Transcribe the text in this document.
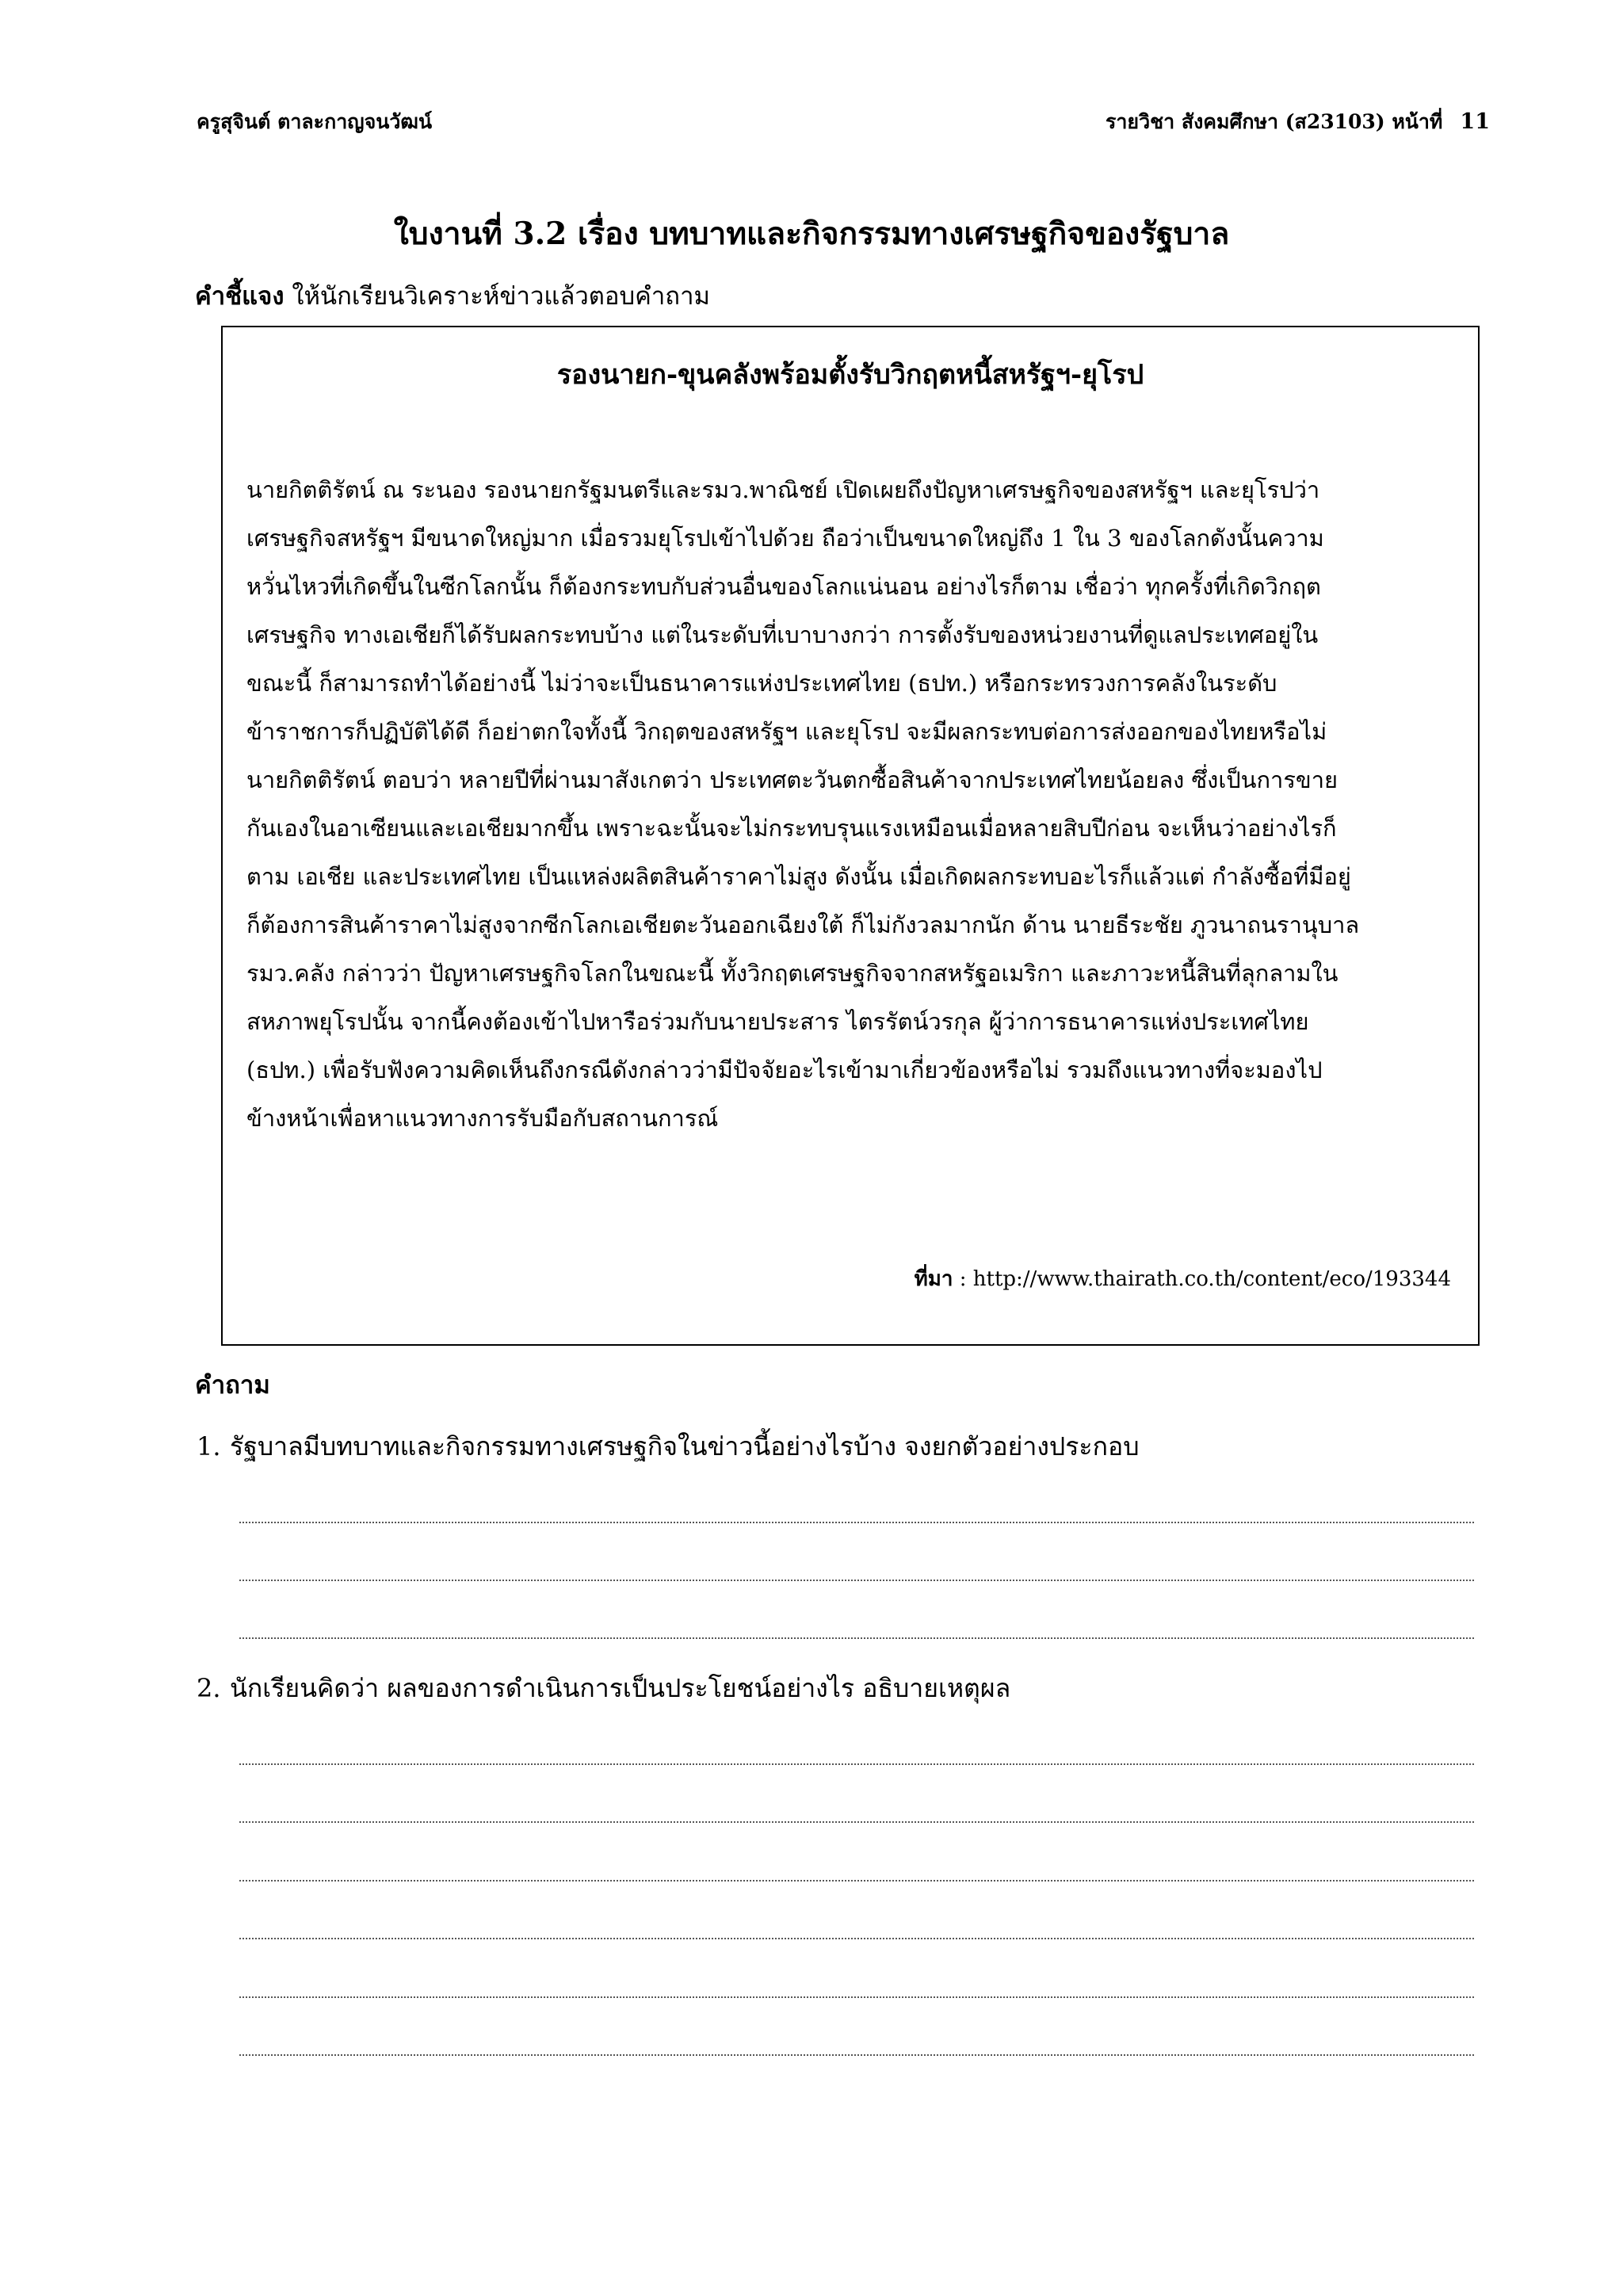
ครูสุจินต์ ตาละกาญจนวัฒน์	รายวิชา สังคมศึกษา (ส23103) หน้าที่ 11
ใบงานที่ 3.2 เรื่อง บทบาทและกิจกรรมทางเศรษฐกิจของรัฐบาล
คำชี้แจง ให้นักเรียนวิเคราะห์ข่าวแล้วตอบคำถาม
รองนายก-ขุนคลังพร้อมตั้งรับวิกฤตหนี้สหรัฐฯ-ยุโรป
นายกิตติรัตน์ ณ ระนอง รองนายกรัฐมนตรีและรมว.พาณิชย์ เปิดเผยถึงปัญหาเศรษฐกิจของสหรัฐฯ และยุโรปว่า
เศรษฐกิจสหรัฐฯ มีขนาดใหญ่มาก เมื่อรวมยุโรปเข้าไปด้วย ถือว่าเป็นขนาดใหญ่ถึง 1 ใน 3 ของโลกดังนั้นความ
หวั่นไหวที่เกิดขึ้นในซีกโลกนั้น ก็ต้องกระทบกับส่วนอื่นของโลกแน่นอน อย่างไรก็ตาม เชื่อว่า ทุกครั้งที่เกิดวิกฤต
เศรษฐกิจ ทางเอเชียก็ได้รับผลกระทบบ้าง แต่ในระดับที่เบาบางกว่า การตั้งรับของหน่วยงานที่ดูแลประเทศอยู่ใน
ขณะนี้ ก็สามารถทำได้อย่างนี้ ไม่ว่าจะเป็นธนาคารแห่งประเทศไทย (ธปท.) หรือกระทรวงการคลังในระดับ
ข้าราชการก็ปฏิบัติได้ดี ก็อย่าตกใจทั้งนี้ วิกฤตของสหรัฐฯ และยุโรป จะมีผลกระทบต่อการส่งออกของไทยหรือไม่
นายกิตติรัตน์ ตอบว่า หลายปีที่ผ่านมาสังเกตว่า ประเทศตะวันตกซื้อสินค้าจากประเทศไทยน้อยลง ซึ่งเป็นการขาย
กันเองในอาเซียนและเอเชียมากขึ้น เพราะฉะนั้นจะไม่กระทบรุนแรงเหมือนเมื่อหลายสิบปีก่อน จะเห็นว่าอย่างไรก็
ตาม เอเชีย และประเทศไทย เป็นแหล่งผลิตสินค้าราคาไม่สูง ดังนั้น เมื่อเกิดผลกระทบอะไรก็แล้วแต่ กำลังซื้อที่มีอยู่
ก็ต้องการสินค้าราคาไม่สูงจากซีกโลกเอเชียตะวันออกเฉียงใต้ ก็ไม่กังวลมากนัก ด้าน นายธีระชัย ภูวนาถนรานุบาล
รมว.คลัง กล่าวว่า ปัญหาเศรษฐกิจโลกในขณะนี้ ทั้งวิกฤตเศรษฐกิจจากสหรัฐอเมริกา และภาวะหนี้สินที่ลุกลามใน
สหภาพยุโรปนั้น จากนี้คงต้องเข้าไปหารือร่วมกับนายประสาร ไตรรัตน์วรกุล ผู้ว่าการธนาคารแห่งประเทศไทย
(ธปท.) เพื่อรับฟังความคิดเห็นถึงกรณีดังกล่าวว่ามีปัจจัยอะไรเข้ามาเกี่ยวข้องหรือไม่ รวมถึงแนวทางที่จะมองไป
ข้างหน้าเพื่อหาแนวทางการรับมือกับสถานการณ์
ที่มา : http://www.thairath.co.th/content/eco/193344
คำถาม
1. รัฐบาลมีบทบาทและกิจกรรมทางเศรษฐกิจในข่าวนี้อย่างไรบ้าง จงยกตัวอย่างประกอบ
2. นักเรียนคิดว่า ผลของการดำเนินการเป็นประโยชน์อย่างไร อธิบายเหตุผล
